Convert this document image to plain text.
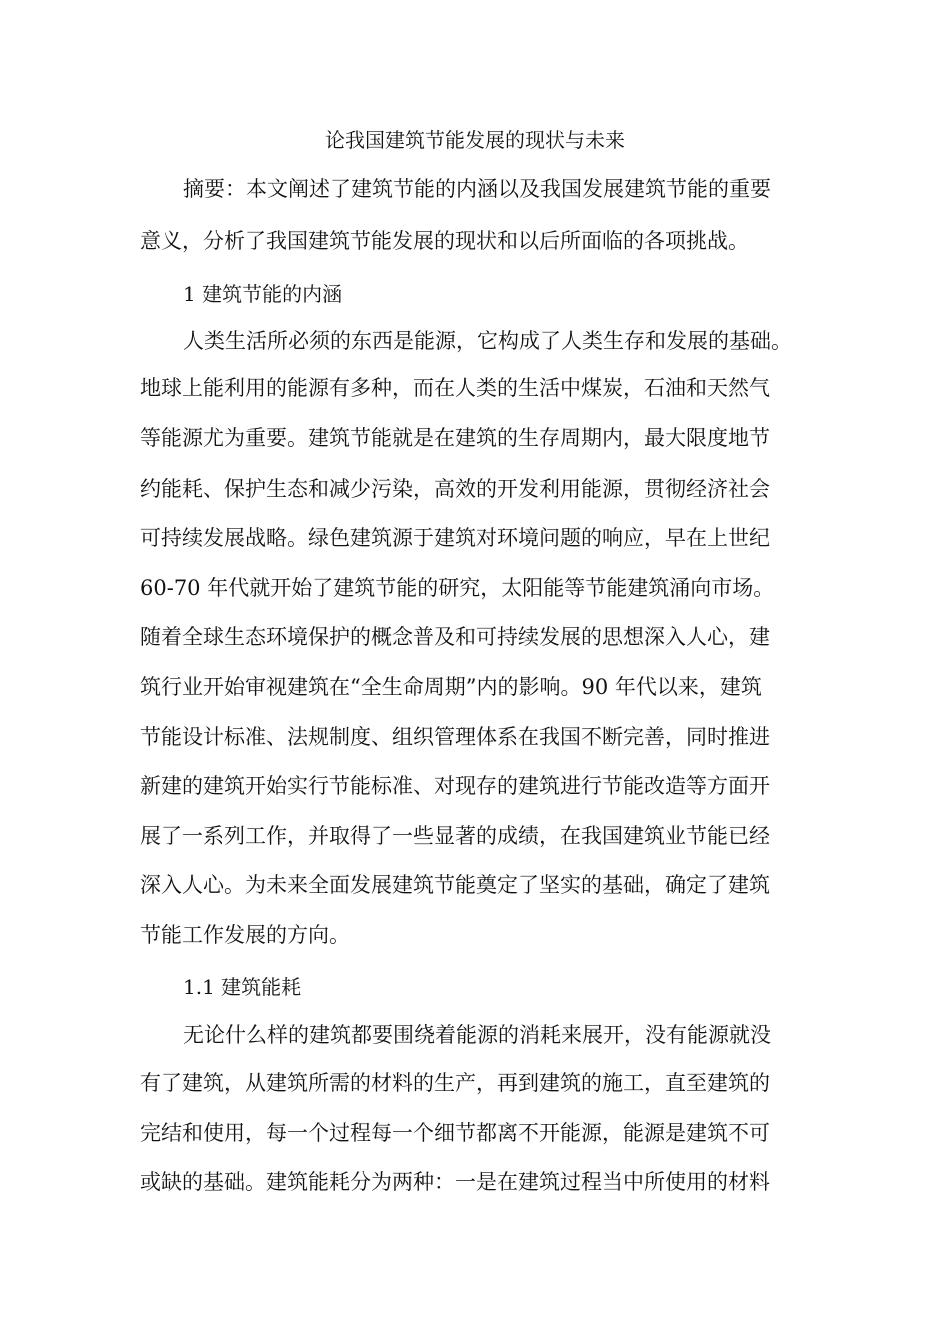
论我国建筑节能发展的现状与未来
摘要：本文阐述了建筑节能的内涵以及我国发展建筑节能的重要
意义，分析了我国建筑节能发展的现状和以后所面临的各项挑战。
1 建筑节能的内涵
人类生活所必须的东西是能源，它构成了人类生存和发展的基础。
地球上能利用的能源有多种，而在人类的生活中煤炭，石油和天然气
等能源尤为重要。建筑节能就是在建筑的生存周期内，最大限度地节
约能耗、保护生态和减少污染，高效的开发利用能源，贯彻经济社会
可持续发展战略。绿色建筑源于建筑对环境问题的响应，早在上世纪
60-70 年代就开始了建筑节能的研究，太阳能等节能建筑涌向市场。
随着全球生态环境保护的概念普及和可持续发展的思想深入人心，建
筑行业开始审视建筑在“全生命周期”内的影响。90 年代以来，建筑
节能设计标准、法规制度、组织管理体系在我国不断完善，同时推进
新建的建筑开始实行节能标准、对现存的建筑进行节能改造等方面开
展了一系列工作，并取得了一些显著的成绩，在我国建筑业节能已经
深入人心。为未来全面发展建筑节能奠定了坚实的基础，确定了建筑
节能工作发展的方向。
1.1 建筑能耗
无论什么样的建筑都要围绕着能源的消耗来展开，没有能源就没
有了建筑，从建筑所需的材料的生产，再到建筑的施工，直至建筑的
完结和使用，每一个过程每一个细节都离不开能源，能源是建筑不可
或缺的基础。建筑能耗分为两种：一是在建筑过程当中所使用的材料
